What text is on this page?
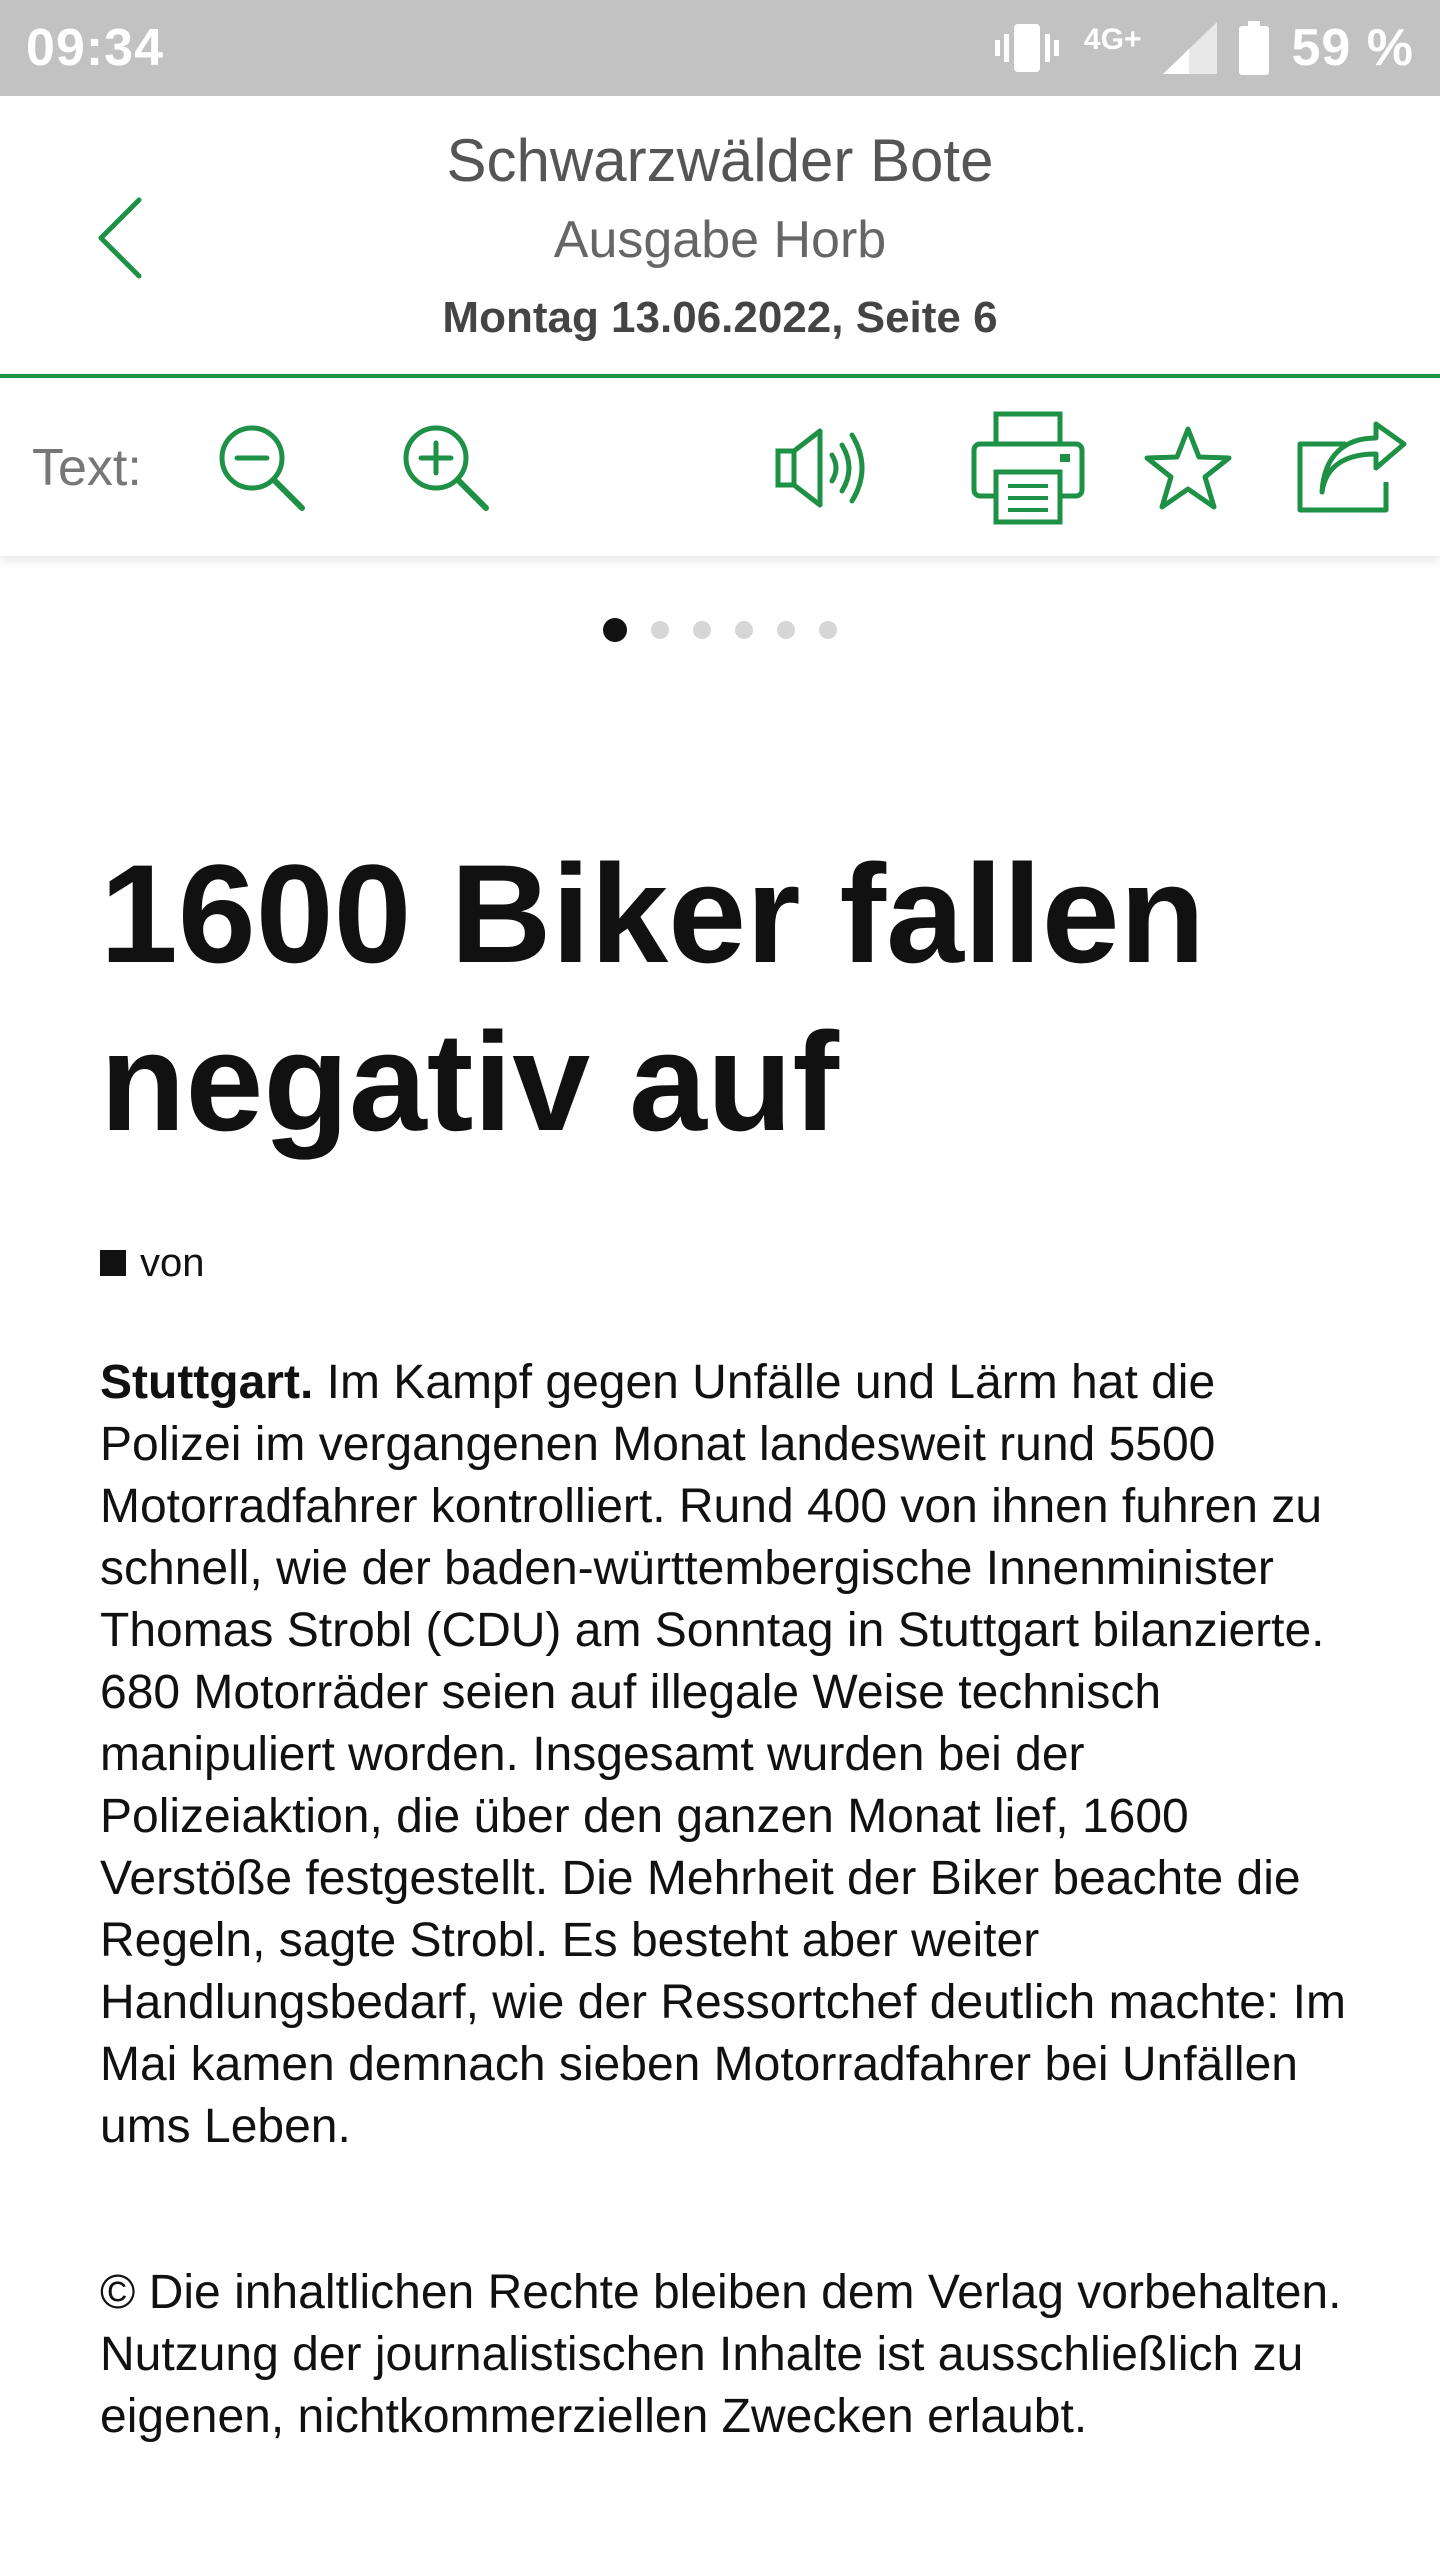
09:34	4G+	59 %
Schwarzwälder Bote
Ausgabe Horb
Montag 13.06.2022, Seite 6
Text:
1600 Biker fallen negativ auf
von
Stuttgart. Im Kampf gegen Unfälle und Lärm hat die Polizei im vergangenen Monat landesweit rund 5500 Motorradfahrer kontrolliert. Rund 400 von ihnen fuhren zu schnell, wie der baden-württembergische Innenminister Thomas Strobl (CDU) am Sonntag in Stuttgart bilanzierte. 680 Motorräder seien auf illegale Weise technisch manipuliert worden. Insgesamt wurden bei der Polizeiaktion, die über den ganzen Monat lief, 1600 Verstöße festgestellt. Die Mehrheit der Biker beachte die Regeln, sagte Strobl. Es besteht aber weiter Handlungsbedarf, wie der Ressortchef deutlich machte: Im Mai kamen demnach sieben Motorradfahrer bei Unfällen ums Leben.
© Die inhaltlichen Rechte bleiben dem Verlag vorbehalten. Nutzung der journalistischen Inhalte ist ausschließlich zu eigenen, nichtkommerziellen Zwecken erlaubt.
